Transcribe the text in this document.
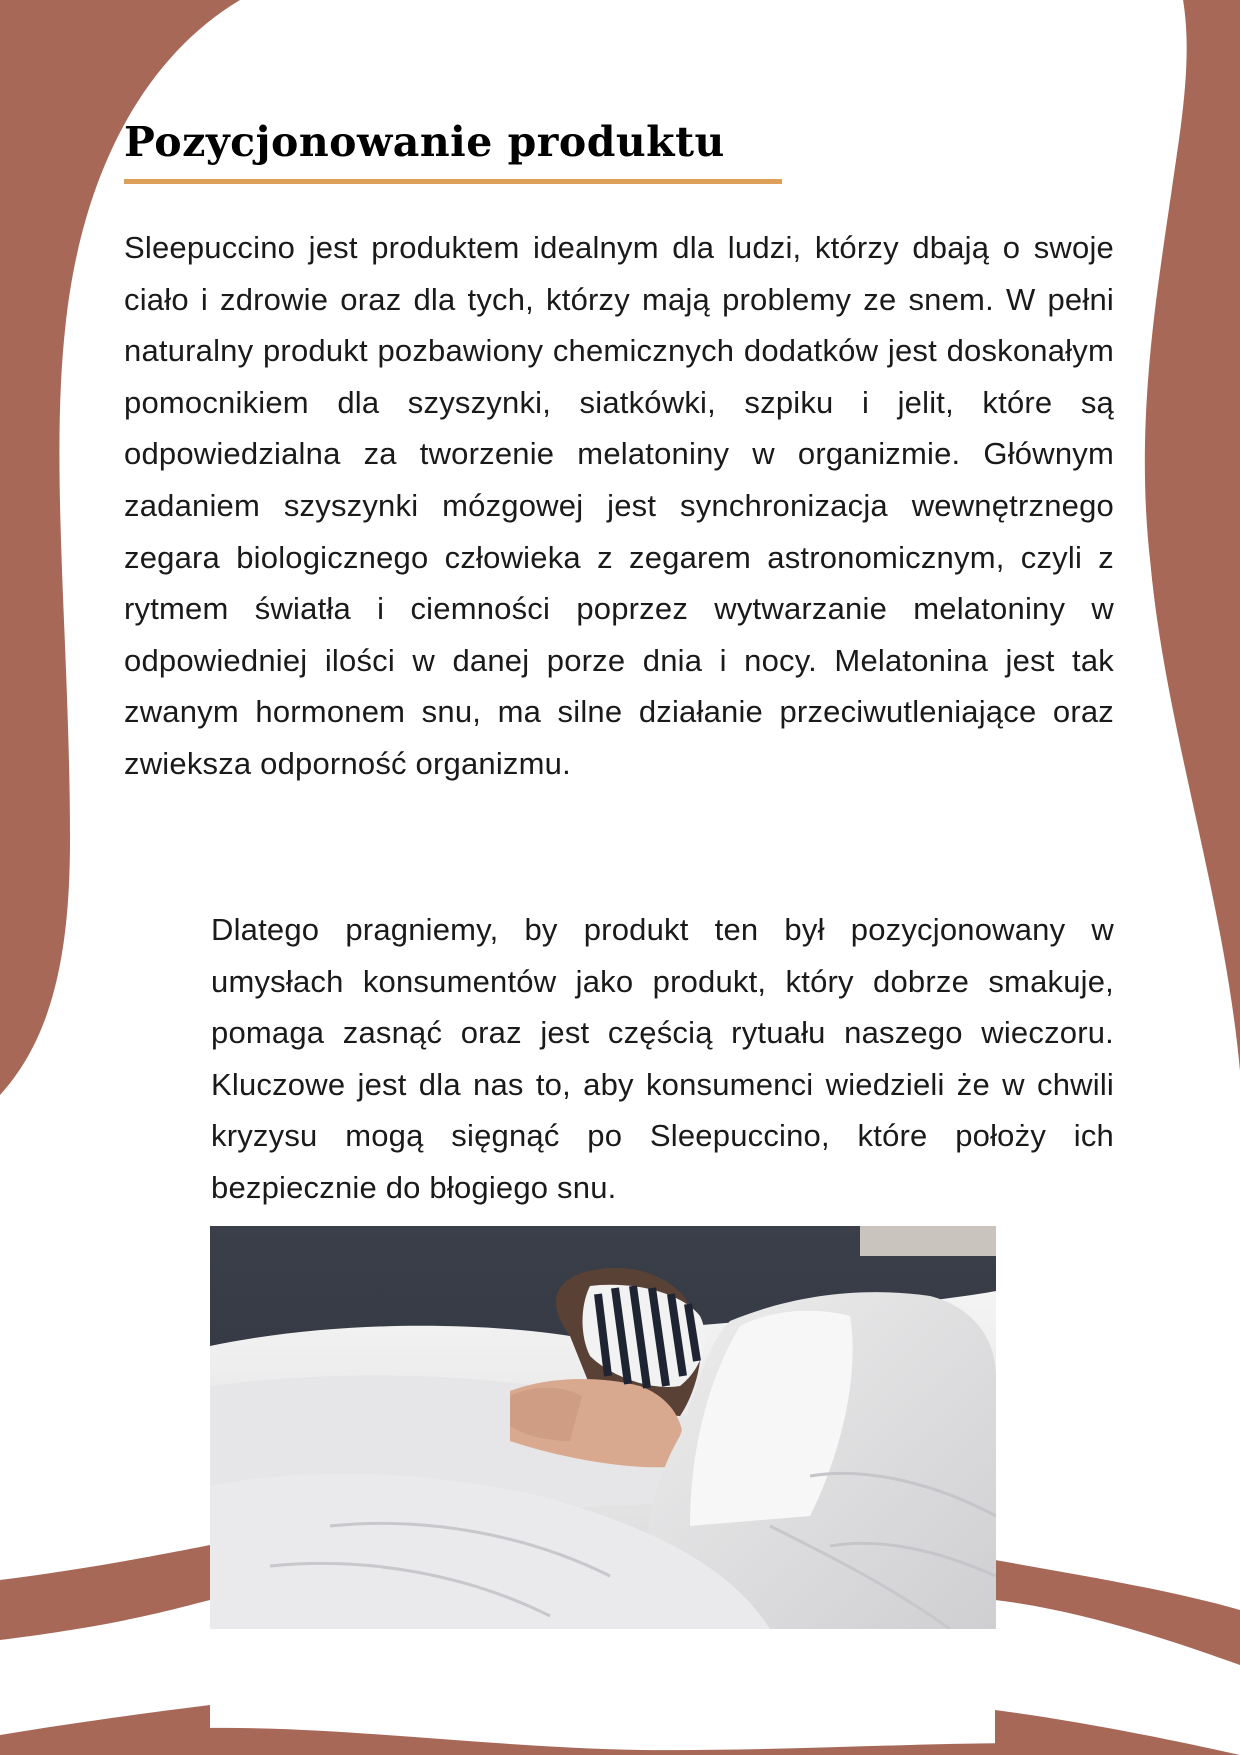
Pozycjonowanie produktu

Sleepuccino jest produktem idealnym dla ludzi, którzy dbają o swoje ciało i zdrowie oraz dla tych, którzy mają problemy ze snem. W pełni naturalny produkt pozbawiony chemicznych dodatków jest doskonałym pomocnikiem dla szyszynki, siatkówki, szpiku i jelit, które są odpowiedzialna za tworzenie melatoniny w organizmie. Głównym zadaniem szyszynki mózgowej jest synchronizacja wewnętrznego zegara biologicznego człowieka z zegarem astronomicznym, czyli z rytmem światła i ciemności poprzez wytwarzanie melatoniny w odpowiedniej ilości w danej porze dnia i nocy. Melatonina jest tak zwanym hormonem snu, ma silne działanie przeciwutleniające oraz zwieksza odporność organizmu.

Dlatego pragniemy, by produkt ten był pozycjonowany w umysłach konsumentów jako produkt, który dobrze smakuje, pomaga zasnąć oraz jest częścią rytuału naszego wieczoru. Kluczowe jest dla nas to, aby konsumenci wiedzieli że w chwili kryzysu mogą sięgnąć po Sleepuccino, które położy ich bezpiecznie do błogiego snu.
